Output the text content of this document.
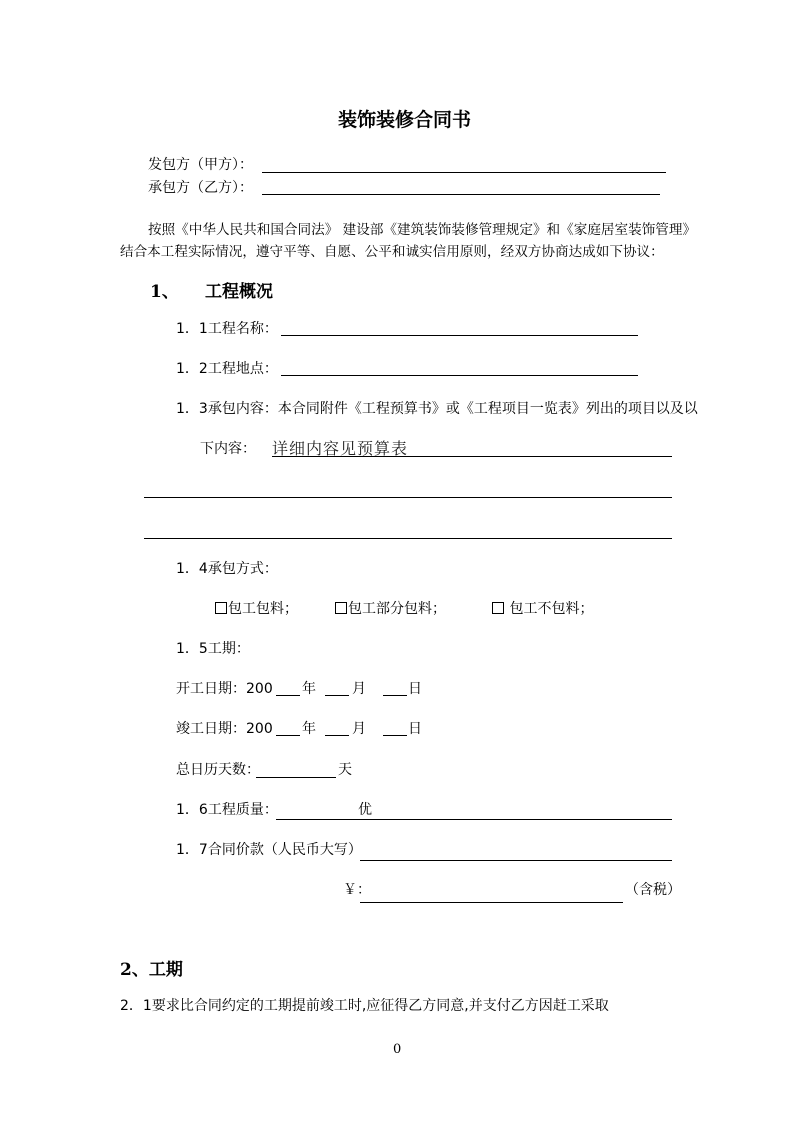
装饰装修合同书
发包方（甲方）：
承包方（乙方）：
按照《中华人民共和国合同法》 建设部《建筑装饰装修管理规定》和《家庭居室装饰管理》
结合本工程实际情况，遵守平等、自愿、公平和诚实信用原则，经双方协商达成如下协议：
1、 工程概况
1．1工程名称：
1．2工程地点：
1．3承包内容：本合同附件《工程预算书》或《工程项目一览表》列出的项目以及以
下内容： 详细内容见预算表
1．4承包方式：
包工包料；	包工部分包料；	包工不包料；
1．5工期：
开工日期：200 年	月	日
竣工日期：200 年	月	日
总日历天数：	天
1．6工程质量：	优
1．7合同价款（人民币大写）
￥：	（含税）
2、工期
2．1要求比合同约定的工期提前竣工时,应征得乙方同意,并支付乙方因赶工采取
0
